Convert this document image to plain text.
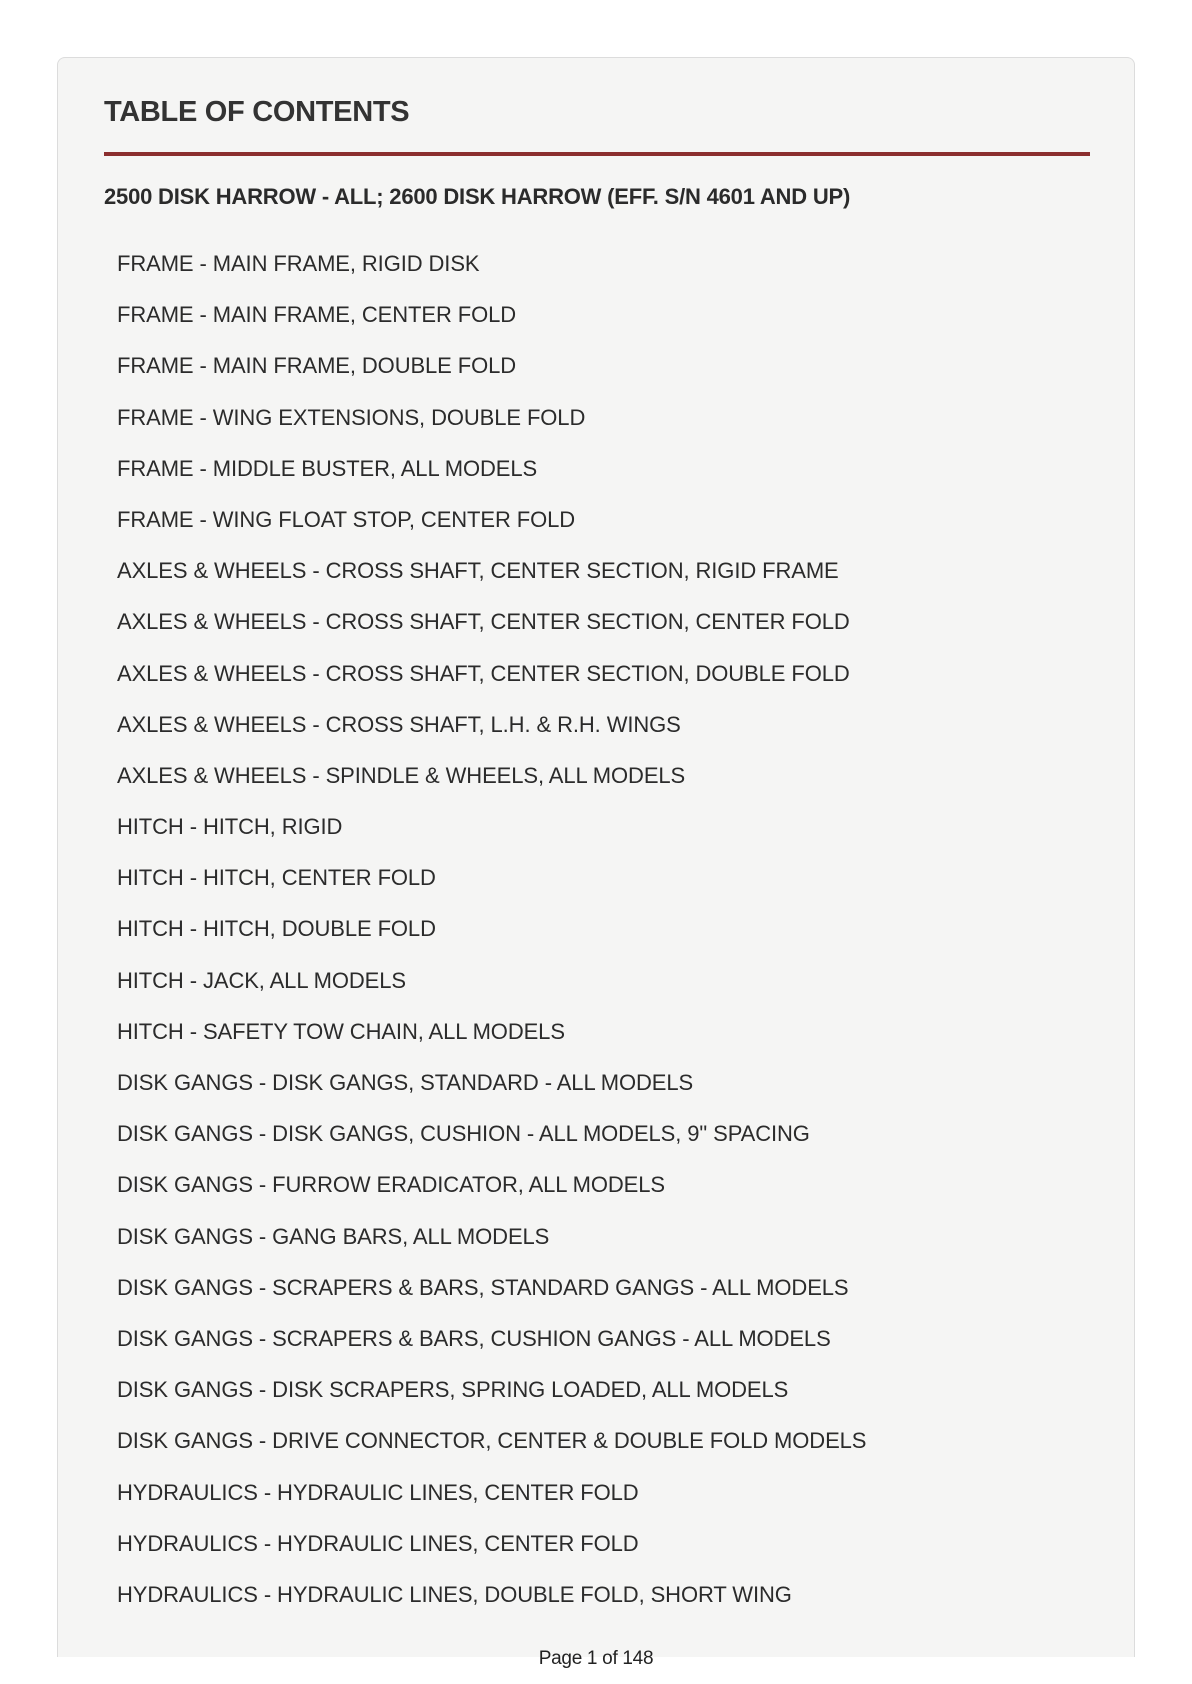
TABLE OF CONTENTS
2500 DISK HARROW - ALL; 2600 DISK HARROW (EFF. S/N 4601 AND UP)
FRAME - MAIN FRAME, RIGID DISK
FRAME - MAIN FRAME, CENTER FOLD
FRAME - MAIN FRAME, DOUBLE FOLD
FRAME - WING EXTENSIONS, DOUBLE FOLD
FRAME - MIDDLE BUSTER, ALL MODELS
FRAME - WING FLOAT STOP, CENTER FOLD
AXLES & WHEELS - CROSS SHAFT, CENTER SECTION, RIGID FRAME
AXLES & WHEELS - CROSS SHAFT, CENTER SECTION, CENTER FOLD
AXLES & WHEELS - CROSS SHAFT, CENTER SECTION, DOUBLE FOLD
AXLES & WHEELS - CROSS SHAFT, L.H. & R.H. WINGS
AXLES & WHEELS - SPINDLE & WHEELS, ALL MODELS
HITCH - HITCH, RIGID
HITCH - HITCH, CENTER FOLD
HITCH - HITCH, DOUBLE FOLD
HITCH - JACK, ALL MODELS
HITCH - SAFETY TOW CHAIN, ALL MODELS
DISK GANGS - DISK GANGS, STANDARD - ALL MODELS
DISK GANGS - DISK GANGS, CUSHION - ALL MODELS, 9" SPACING
DISK GANGS - FURROW ERADICATOR, ALL MODELS
DISK GANGS - GANG BARS, ALL MODELS
DISK GANGS - SCRAPERS & BARS, STANDARD GANGS - ALL MODELS
DISK GANGS - SCRAPERS & BARS, CUSHION GANGS - ALL MODELS
DISK GANGS - DISK SCRAPERS, SPRING LOADED, ALL MODELS
DISK GANGS - DRIVE CONNECTOR, CENTER & DOUBLE FOLD MODELS
HYDRAULICS - HYDRAULIC LINES, CENTER FOLD
HYDRAULICS - HYDRAULIC LINES, CENTER FOLD
HYDRAULICS - HYDRAULIC LINES, DOUBLE FOLD, SHORT WING
Page 1 of 148
